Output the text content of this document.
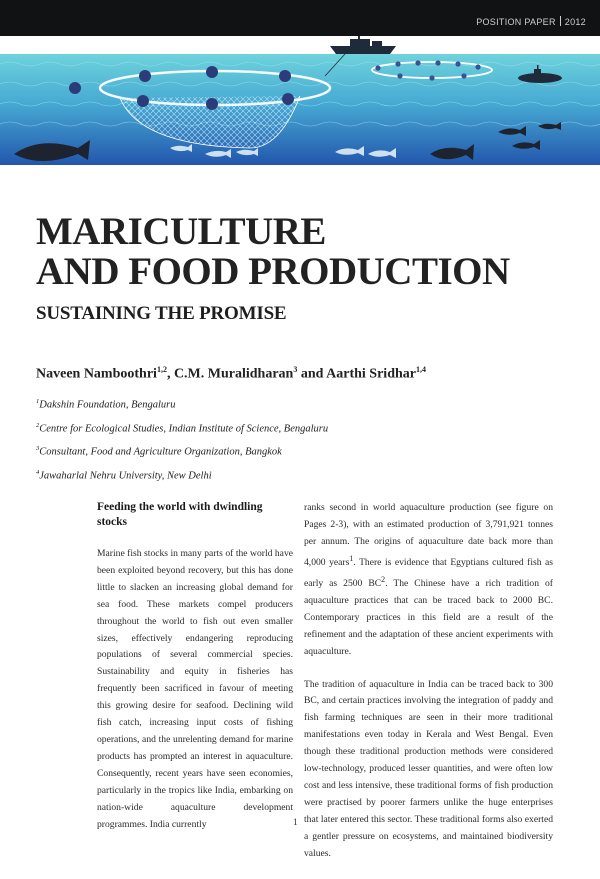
POSITION PAPER 2012
MARICULTURE
AND FOOD PRODUCTION
SUSTAINING THE PROMISE
Naveen Namboothri$^{1,2}$, C.M. Muralidharan$^3$ and Aarthi Sridhar$^{1,4}$
$^1$Dakshin Foundation, Bengaluru
$^2$Centre for Ecological Studies, Indian Institute of Science, Bengaluru
$^3$Consultant, Food and Agriculture Organization, Bangkok
$^4$Jawaharlal Nehru University, New Delhi
Feeding the world with dwindling stocks

Marine fish stocks in many parts of the world have been exploited beyond recovery, but this has done little to slacken an increasing global demand for sea food. These markets compel producers throughout the world to fish out even smaller sizes, effectively endangering reproducing populations of several commercial species. Sustainability and equity in fisheries has frequently been sacrificed in favour of meeting this growing desire for seafood. Declining wild fish catch, increasing input costs of fishing operations, and the unrelenting demand for marine products has prompted an interest in aquaculture. Consequently, recent years have seen economies, particularly in the tropics like India, embarking on nation-wide aquaculture development programmes. India currently

ranks second in world aquaculture production (see figure on Pages 2-3), with an estimated production of 3,791,921 tonnes per annum. The origins of aquaculture date back more than 4,000 years$^1$. There is evidence that Egyptians cultured fish as early as 2500 $BC^2$. The Chinese have a rich tradition of aquaculture practices that can be traced back to 2000 BC. Contemporary practices in this field are a result of the refinement and the adaptation of these ancient experiments with aquaculture.

The tradition of aquaculture in India can be traced back to 300 BC, and certain practices involving the integration of paddy and fish farming techniques are seen in their more traditional manifestations even today in Kerala and West Bengal. Even though these traditional production methods were considered low-technology, produced lesser quantities, and were often low cost and less intensive, these traditional forms of fish production were practised by poorer farmers unlike the huge enterprises that later entered this sector. These traditional forms also exerted a gentler pressure on ecosystems, and maintained biodiversity values.

1
